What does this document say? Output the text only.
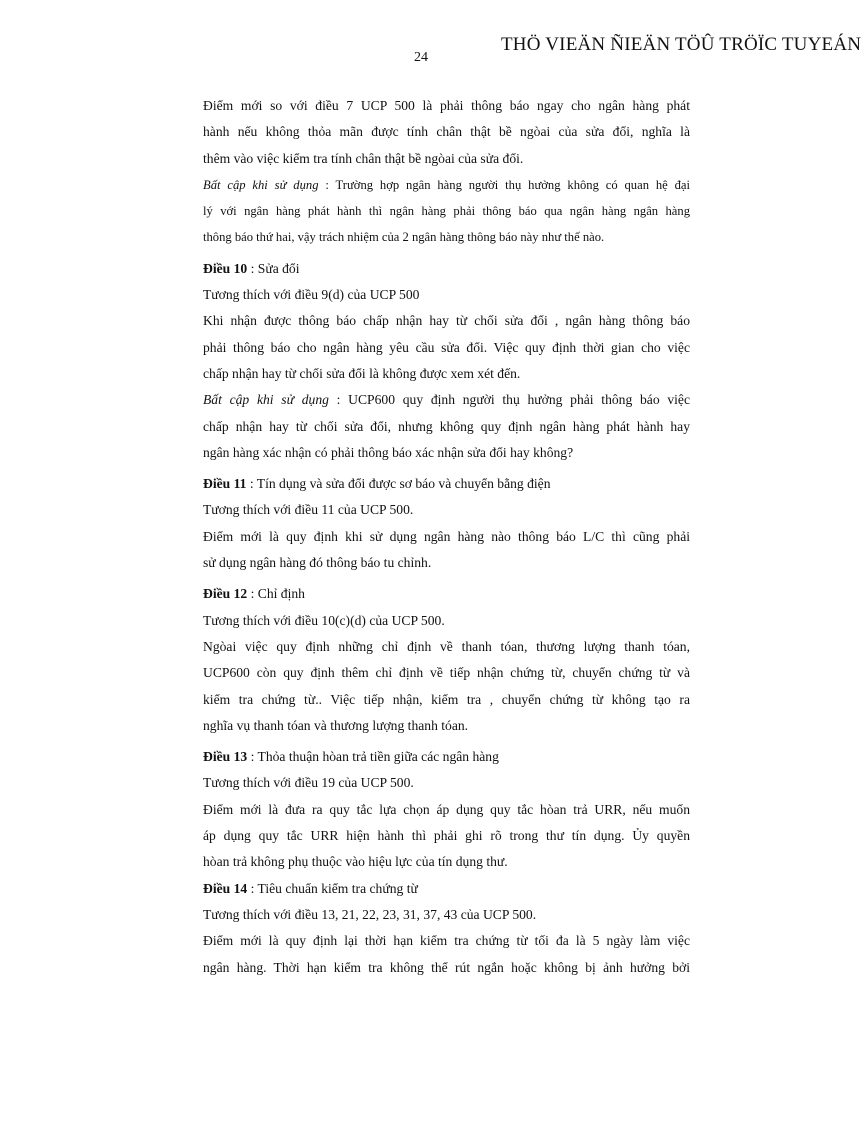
24
THÖ VIEÄN ÑIEÄN TÖÛ TRÖÏC TUYEÁN

Điểm mới so với điều 7 UCP 500 là phải thông báo ngay cho ngân hàng phát
hành nếu không thỏa mãn được tính chân thật bề ngòai của sửa đổi, nghĩa là
thêm vào việc kiểm tra tính chân thật bề ngòai của sửa đổi.

Bất cập khi sử dụng : Trường hợp ngân hàng người thụ hưởng không có quan hệ đại
lý với ngân hàng phát hành thì ngân hàng phải thông báo qua ngân hàng ngân hàng
thông báo thứ hai, vậy trách nhiệm của 2 ngân hàng thông báo này như thế nào.

Điều 10 : Sửa đổi

Tương thích với điều 9(d) của UCP 500

Khi nhận được thông báo chấp nhận hay từ chối sửa đổi , ngân hàng thông báo
phải thông báo cho ngân hàng yêu cầu sửa đổi. Việc quy định thời gian cho việc
chấp nhận hay từ chối sửa đổi là không được xem xét đến.

Bất cập khi sử dụng : UCP600 quy định người thụ hưởng phải thông báo việc
chấp nhận hay từ chối sửa đổi, nhưng không quy định ngân hàng phát hành hay
ngân hàng xác nhận có phải thông báo xác nhận sửa đổi hay không?

Điều 11 : Tín dụng và sửa đổi được sơ báo và chuyển bằng điện

Tương thích với điều 11 của UCP 500.

Điểm mới là quy định khi sử dụng ngân hàng nào thông báo L/C thì cũng phải
sử dụng ngân hàng đó thông báo tu chỉnh.

Điều 12 : Chỉ định

Tương thích với điều 10(c)(d) của UCP 500.

Ngòai việc quy định những chỉ định về thanh tóan, thương lượng thanh tóan,
UCP600 còn quy định thêm chỉ định về tiếp nhận chứng từ, chuyển chứng từ và
kiểm tra chứng từ.. Việc tiếp nhận, kiểm tra , chuyển chứng từ không tạo ra
nghĩa vụ thanh tóan và thương lượng thanh tóan.

Điều 13 : Thỏa thuận hòan trả tiền giữa các ngân hàng

Tương thích với điều 19 của UCP 500.

Điểm mới là đưa ra quy tắc lựa chọn áp dụng quy tắc hòan trả URR, nếu muốn
áp dụng quy tắc URR hiện hành thì phải ghi rõ trong thư tín dụng. Ủy quyền
hòan trả không phụ thuộc vào hiệu lực của tín dụng thư.

Điều 14 : Tiêu chuẩn kiểm tra chứng từ

Tương thích với điều 13, 21, 22, 23, 31, 37, 43 của UCP 500.

Điểm mới là quy định lại thời hạn kiểm tra chứng từ tối đa là 5 ngày làm việc
ngân hàng. Thời hạn kiểm tra không thể rút ngắn hoặc không bị ảnh hưởng bởi
